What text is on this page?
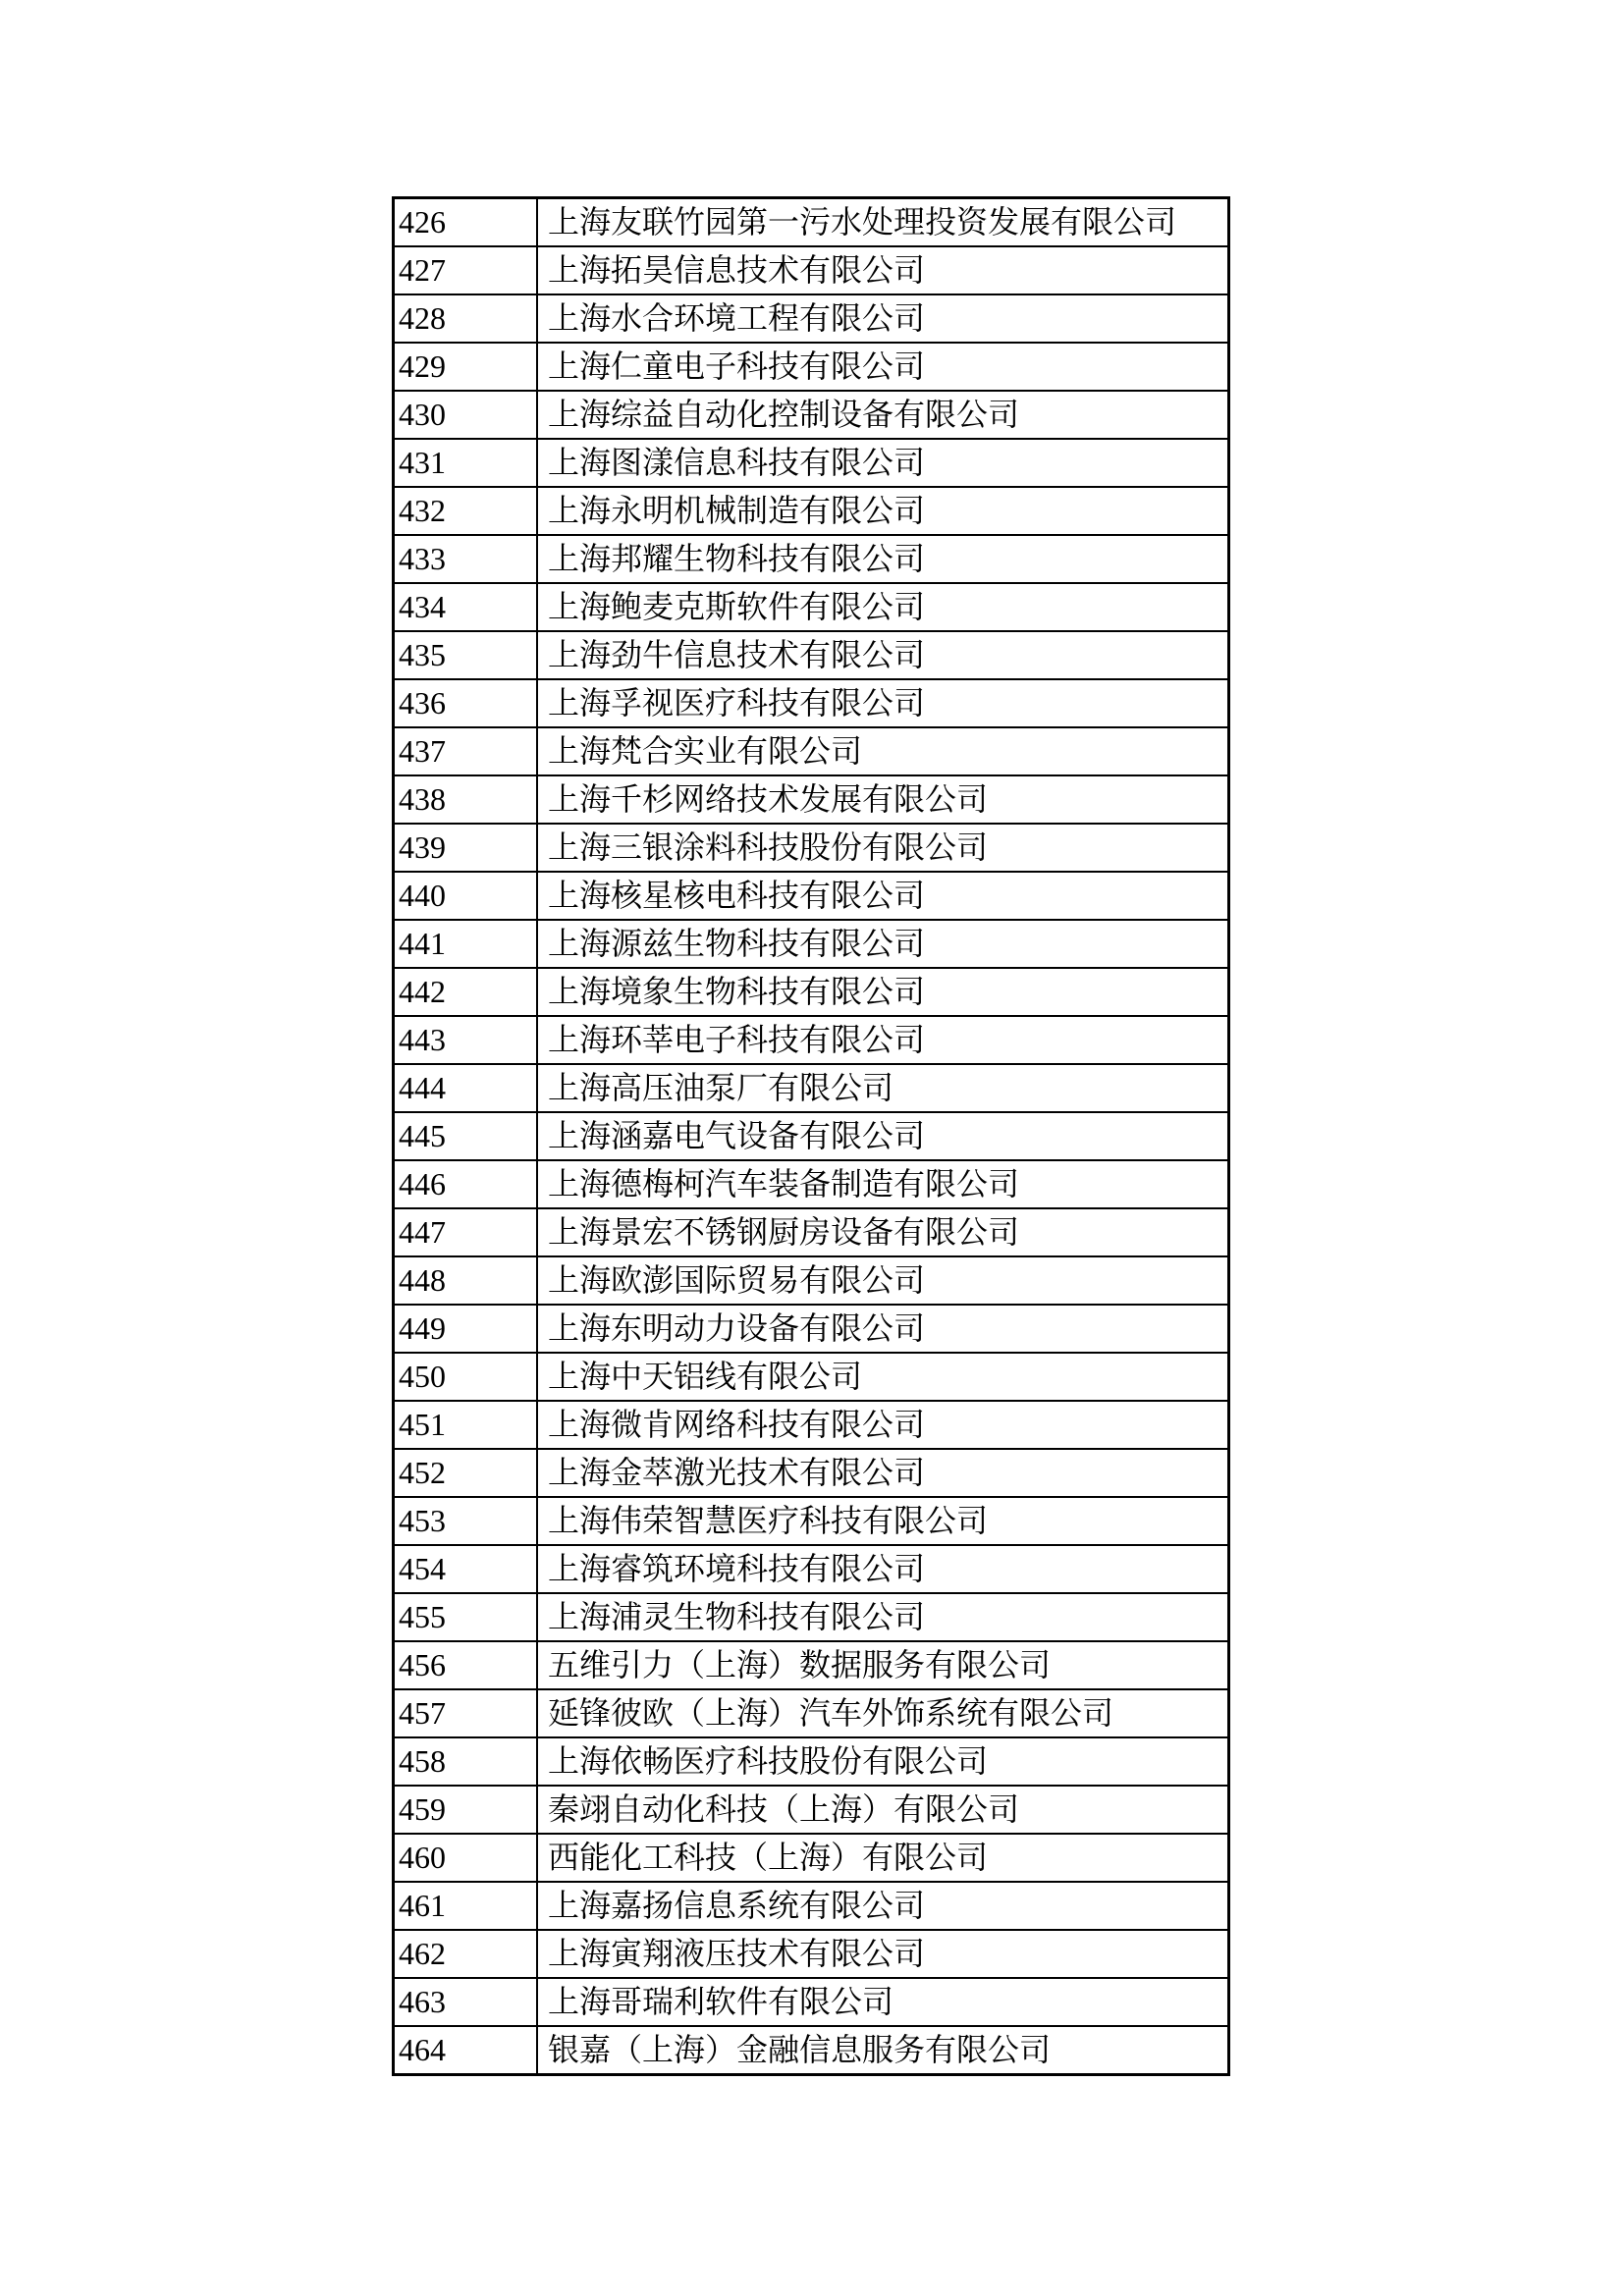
426	上海友联竹园第一污水处理投资发展有限公司
427	上海拓昊信息技术有限公司
428	上海水合环境工程有限公司
429	上海仁童电子科技有限公司
430	上海综益自动化控制设备有限公司
431	上海图漾信息科技有限公司
432	上海永明机械制造有限公司
433	上海邦耀生物科技有限公司
434	上海鲍麦克斯软件有限公司
435	上海劲牛信息技术有限公司
436	上海孚视医疗科技有限公司
437	上海梵合实业有限公司
438	上海千杉网络技术发展有限公司
439	上海三银涂料科技股份有限公司
440	上海核星核电科技有限公司
441	上海源兹生物科技有限公司
442	上海境象生物科技有限公司
443	上海环莘电子科技有限公司
444	上海高压油泵厂有限公司
445	上海涵嘉电气设备有限公司
446	上海德梅柯汽车装备制造有限公司
447	上海景宏不锈钢厨房设备有限公司
448	上海欧澎国际贸易有限公司
449	上海东明动力设备有限公司
450	上海中天铝线有限公司
451	上海微肯网络科技有限公司
452	上海金萃激光技术有限公司
453	上海伟荣智慧医疗科技有限公司
454	上海睿筑环境科技有限公司
455	上海浦灵生物科技有限公司
456	五维引力（上海）数据服务有限公司
457	延锋彼欧（上海）汽车外饰系统有限公司
458	上海依畅医疗科技股份有限公司
459	秦翊自动化科技（上海）有限公司
460	西能化工科技（上海）有限公司
461	上海嘉扬信息系统有限公司
462	上海寅翔液压技术有限公司
463	上海哥瑞利软件有限公司
464	银嘉（上海）金融信息服务有限公司
